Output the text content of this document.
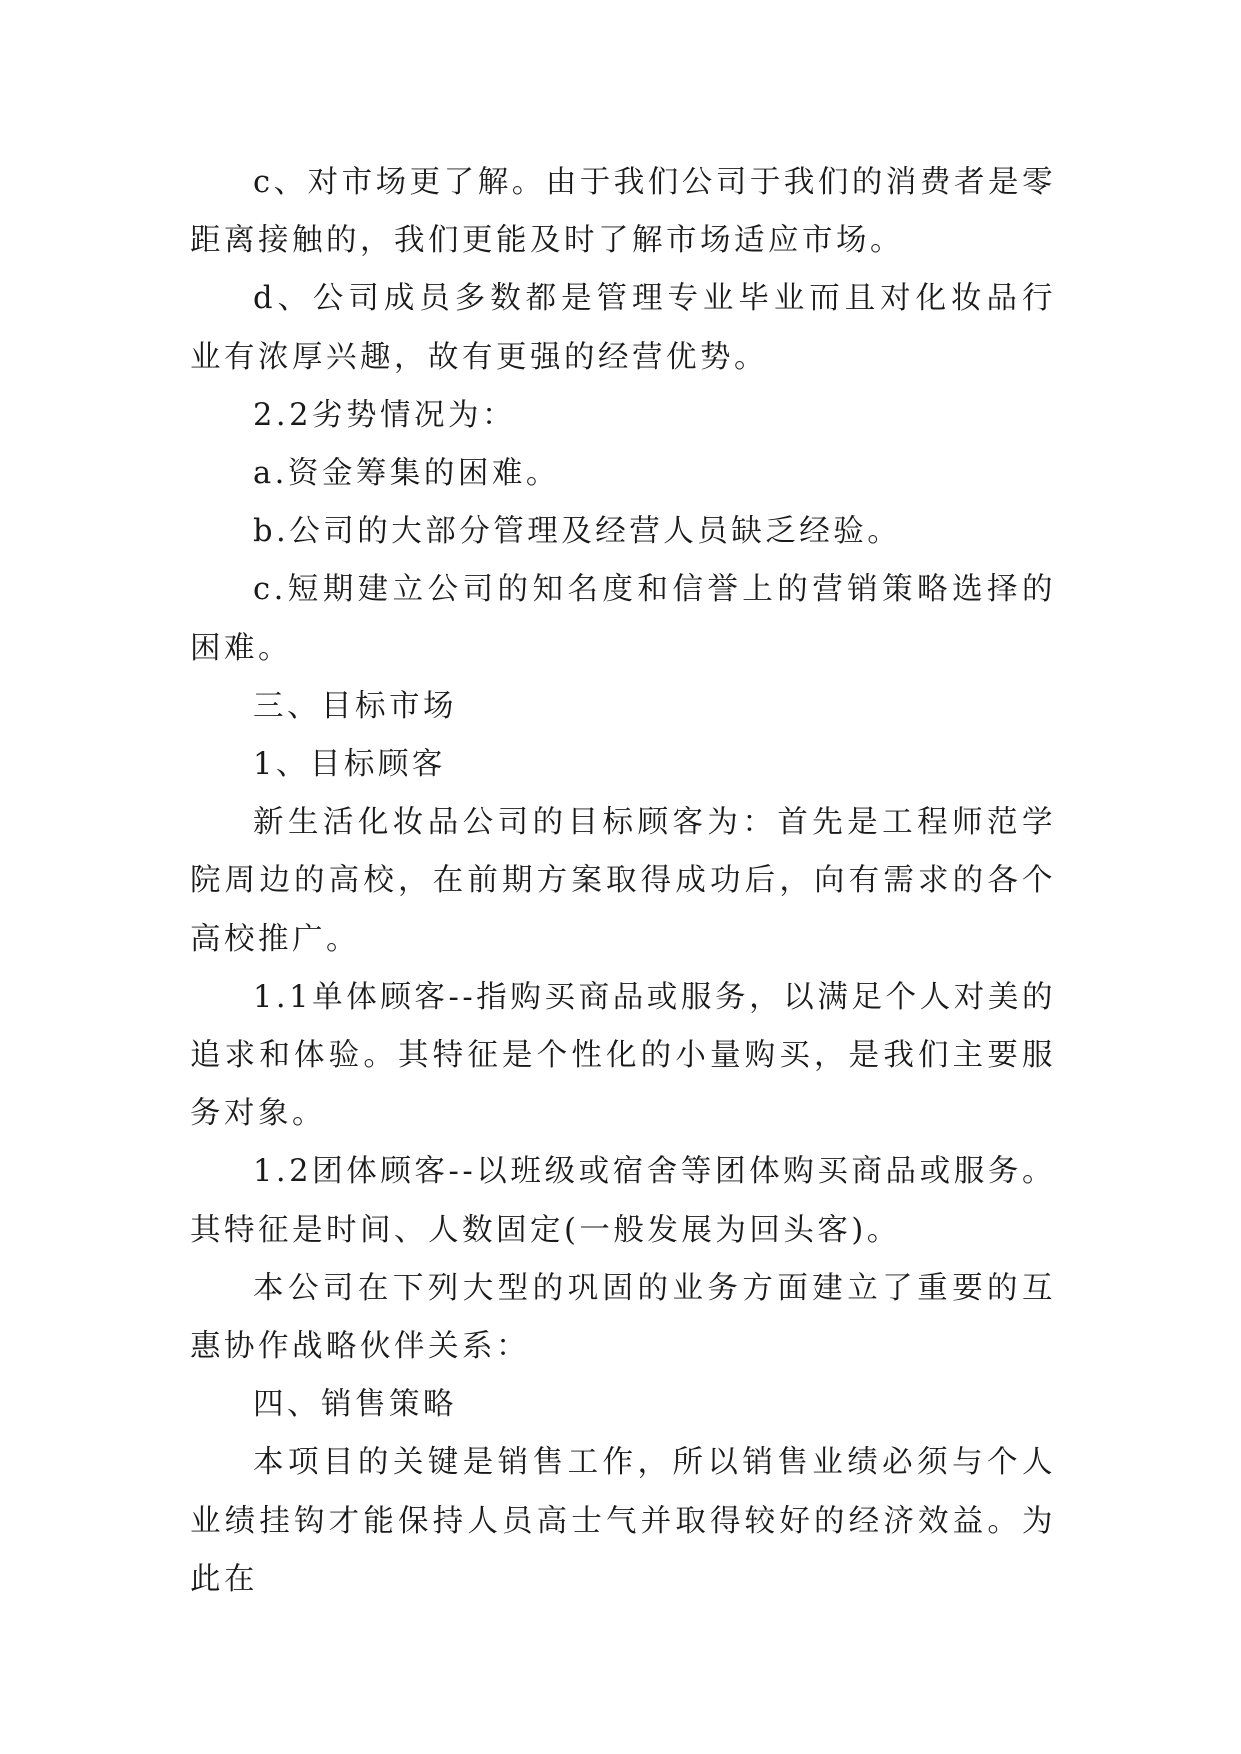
c、对市场更了解。由于我们公司于我们的消费者是零距离接触的，我们更能及时了解市场适应市场。

d、公司成员多数都是管理专业毕业而且对化妆品行业有浓厚兴趣，故有更强的经营优势。

2.2劣势情况为：

a.资金筹集的困难。

b.公司的大部分管理及经营人员缺乏经验。

c.短期建立公司的知名度和信誉上的营销策略选择的困难。

三、目标市场

1、目标顾客

新生活化妆品公司的目标顾客为：首先是工程师范学院周边的高校，在前期方案取得成功后，向有需求的各个高校推广。

1.1单体顾客--指购买商品或服务，以满足个人对美的追求和体验。其特征是个性化的小量购买，是我们主要服务对象。

1.2团体顾客--以班级或宿舍等团体购买商品或服务。其特征是时间、人数固定(一般发展为回头客)。

本公司在下列大型的巩固的业务方面建立了重要的互惠协作战略伙伴关系：

四、销售策略

本项目的关键是销售工作，所以销售业绩必须与个人业绩挂钩才能保持人员高士气并取得较好的经济效益。为此在
